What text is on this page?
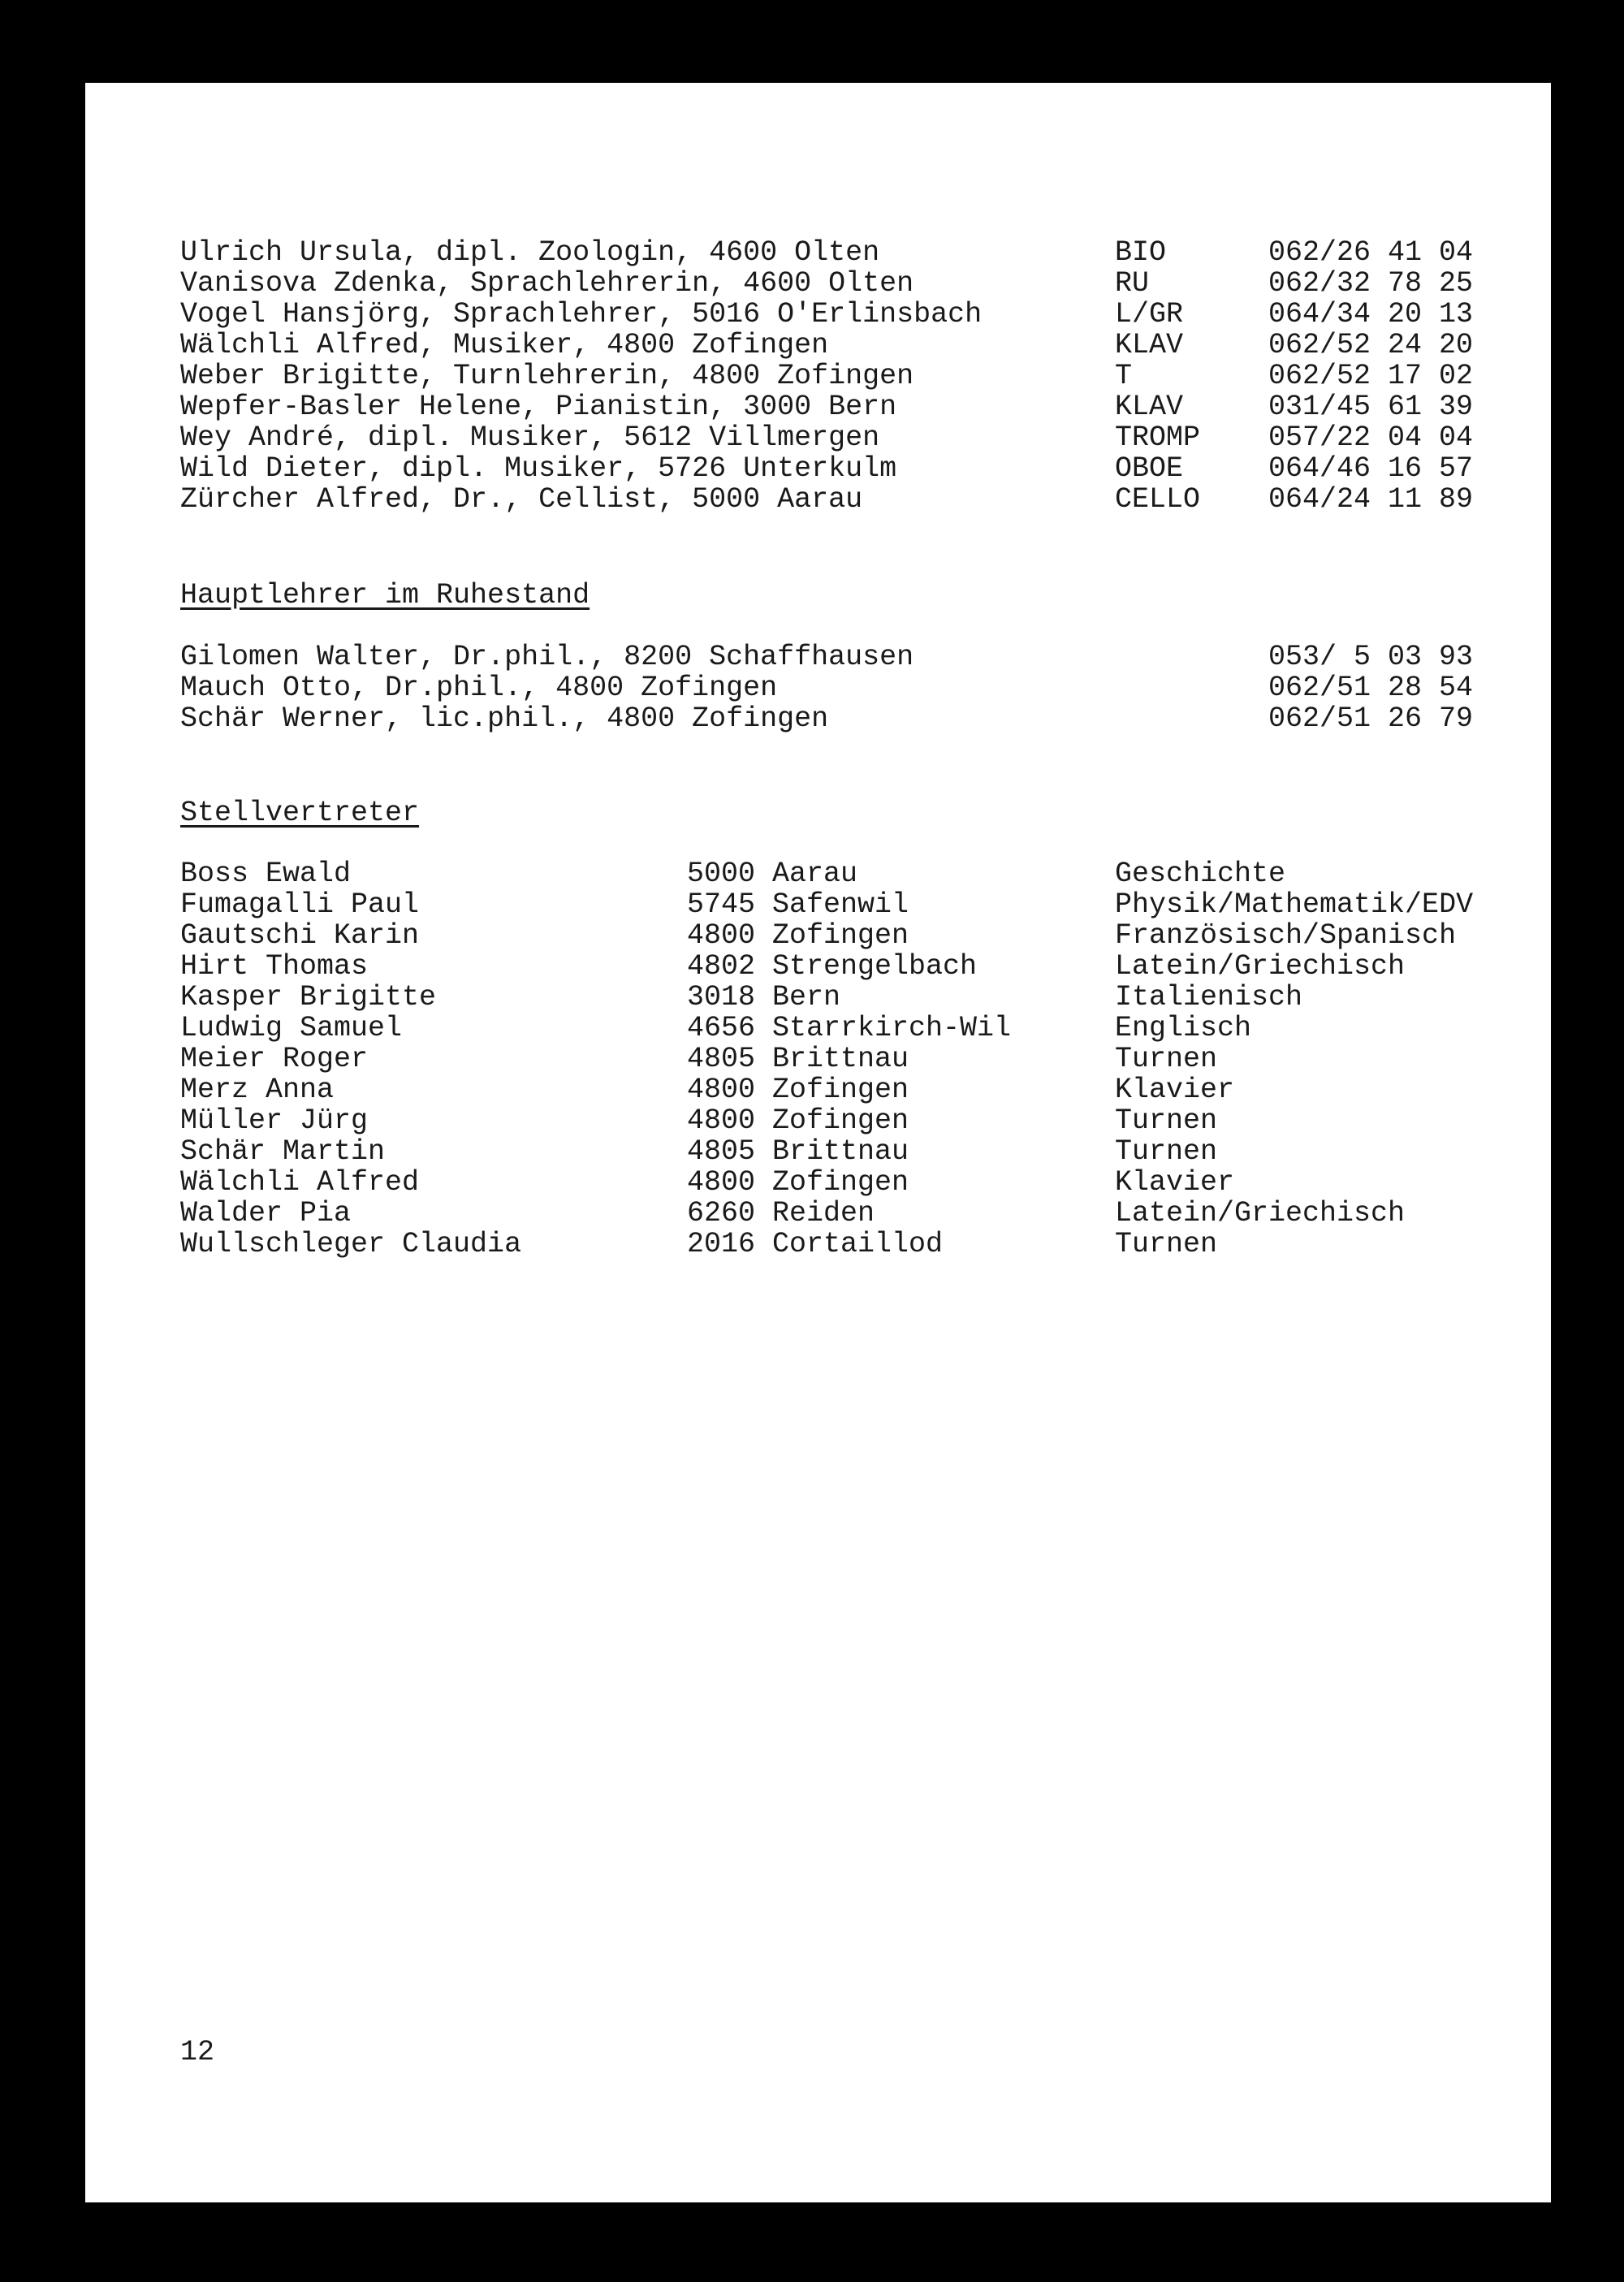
Ulrich Ursula, dipl. Zoologin, 4600 Olten	BIO	062/26 41 04
Vanisova Zdenka, Sprachlehrerin, 4600 Olten	RU	062/32 78 25
Vogel Hansjörg, Sprachlehrer, 5016 O'Erlinsbach	L/GR	064/34 20 13
Wälchli Alfred, Musiker, 4800 Zofingen	KLAV	062/52 24 20
Weber Brigitte, Turnlehrerin, 4800 Zofingen	T	062/52 17 02
Wepfer-Basler Helene, Pianistin, 3000 Bern	KLAV	031/45 61 39
Wey André, dipl. Musiker, 5612 Villmergen	TROMP 057/22 04 04
Wild Dieter, dipl. Musiker, 5726 Unterkulm	OBOE	064/46 16 57
Zürcher Alfred, Dr., Cellist, 5000 Aarau	CELLO 064/24 11 89
Hauptlehrer im Ruhestand
Gilomen Walter, Dr.phil., 8200 Schaffhausen	053/ 5 03 93
Mauch Otto, Dr.phil., 4800 Zofingen	062/51 28 54
Schär Werner, lic.phil., 4800 Zofingen	062/51 26 79
Stellvertreter
Boss Ewald	5000 Aarau	Geschichte
Fumagalli Paul	5745 Safenwil	Physik/Mathematik/EDV
Gautschi Karin	4800 Zofingen	Französisch/Spanisch
Hirt Thomas	4802 Strengelbach	Latein/Griechisch
Kasper Brigitte	3018 Bern	Italienisch
Ludwig Samuel	4656 Starrkirch-Wil	Englisch
Meier Roger	4805 Brittnau	Turnen
Merz Anna	4800 Zofingen	Klavier
Müller Jürg	4800 Zofingen	Turnen
Schär Martin	4805 Brittnau	Turnen
Wälchli Alfred	4800 Zofingen	Klavier
Walder Pia	6260 Reiden	Latein/Griechisch
Wullschleger Claudia	2016 Cortaillod	Turnen
12
